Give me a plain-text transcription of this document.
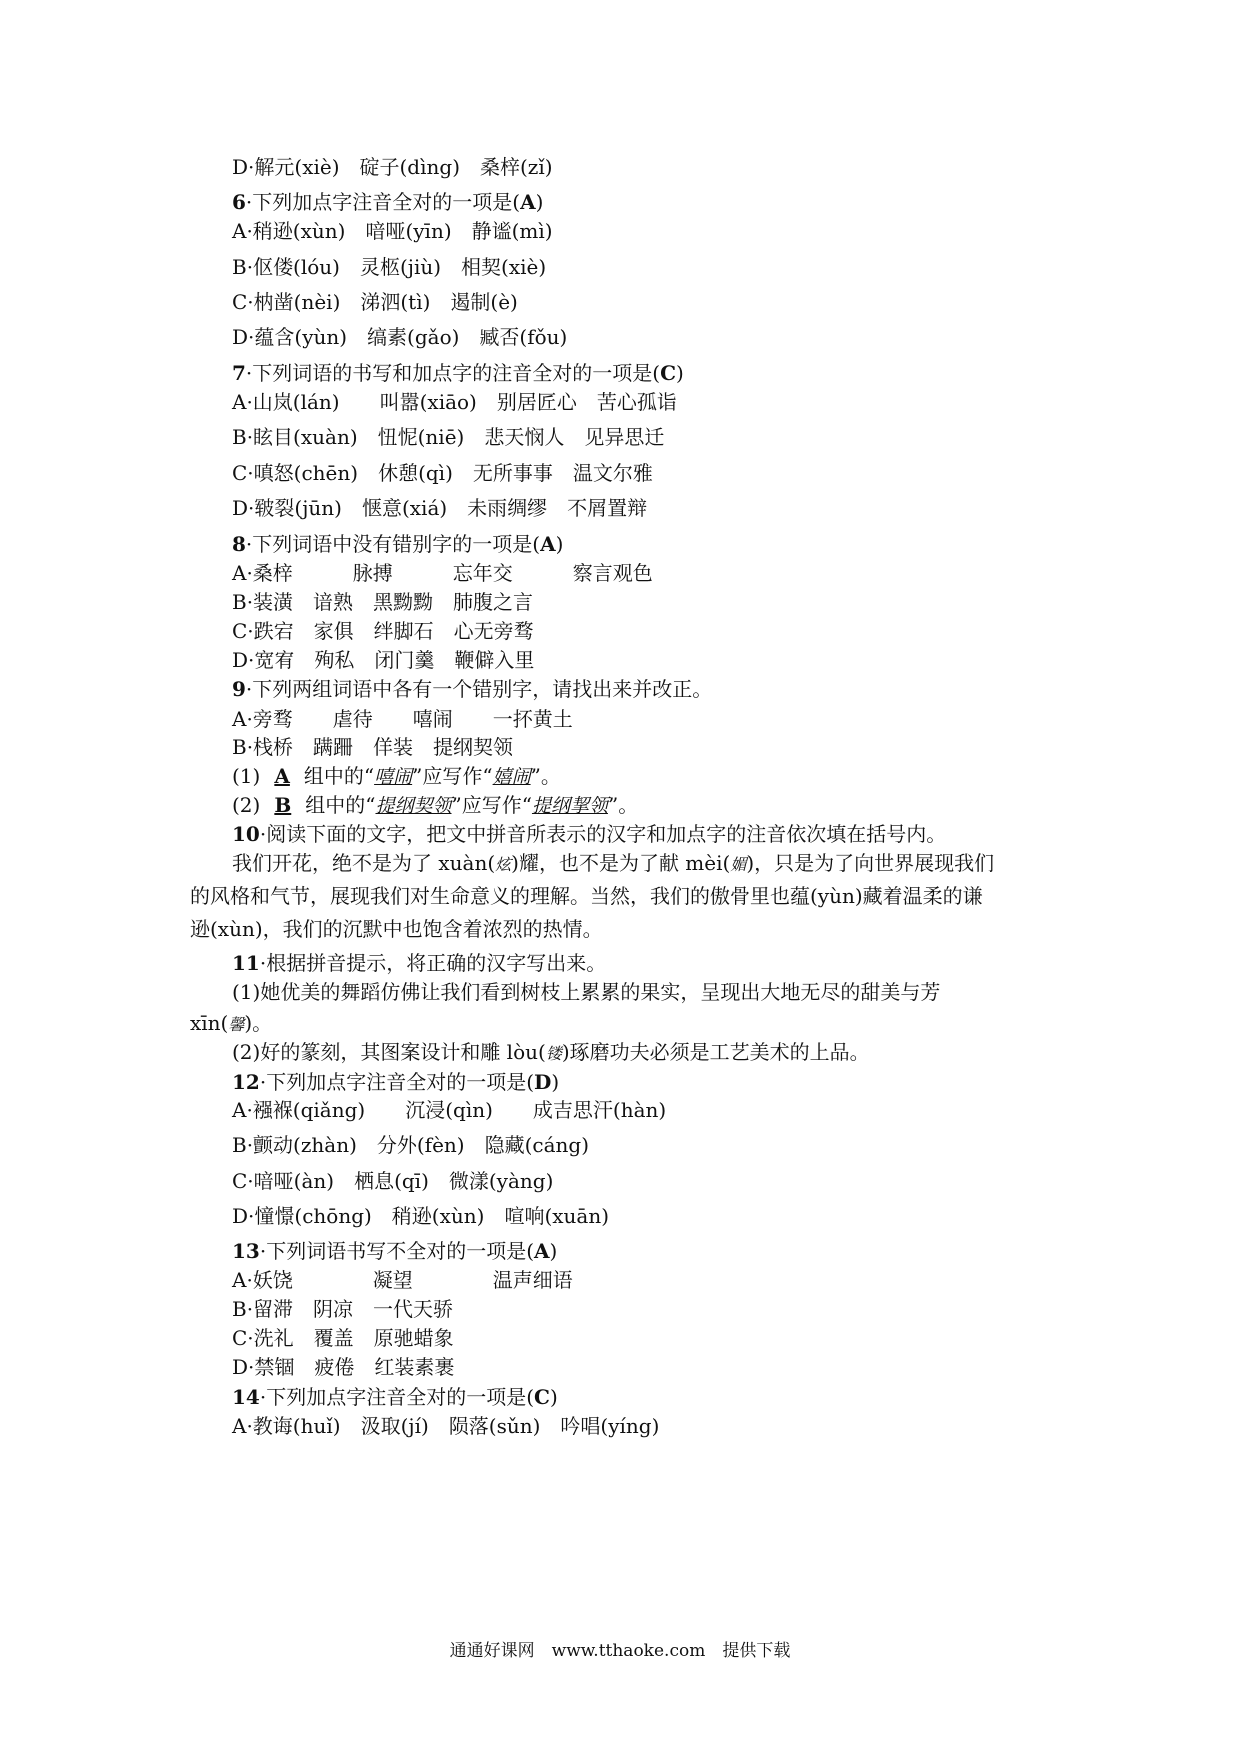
D·解元(xiè)　碇子(dìng)　桑梓(zǐ)
6·下列加点字注音全对的一项是(A)
A·稍逊(xùn)　喑哑(yīn)　静谧(mì)
B·伛偻(lóu)　灵柩(jiù)　相契(xiè)
C·枘凿(nèi)　涕泗(tì)　遏制(è)
D·蕴含(yùn)　缟素(gǎo)　臧否(fǒu)
7·下列词语的书写和加点字的注音全对的一项是(C)
A·山岚(lán)　　叫嚣(xiāo)　别居匠心　苦心孤诣
B·眩目(xuàn)　忸怩(niē)　悲天悯人　见异思迁
C·嗔怒(chēn)　休憩(qì)　无所事事　温文尔雅
D·皲裂(jūn)　惬意(xiá)　未雨绸缪　不屑置辩
8·下列词语中没有错别字的一项是(A)
A·桑梓　　　脉搏　　　忘年交　　　察言观色
B·装潢　谙熟　黑黝黝　肺腹之言
C·跌宕　家俱　绊脚石　心无旁骛
D·宽宥　殉私　闭门羹　鞭僻入里
9·下列两组词语中各有一个错别字，请找出来并改正。
A·旁骛　　虐待　　嘻闹　　一抔黄土
B·栈桥　蹒跚　佯装　提纲契领
(1) A 组中的“嘻闹”应写作“嬉闹”。
(2) B 组中的“提纲契领”应写作“提纲挈领”。
10·阅读下面的文字，把文中拼音所表示的汉字和加点字的注音依次填在括号内。
我们开花，绝不是为了 xuàn(炫)耀，也不是为了献 mèi(媚)，只是为了向世界展现我们
的风格和气节，展现我们对生命意义的理解。当然，我们的傲骨里也蕴(yùn)藏着温柔的谦
逊(xùn)，我们的沉默中也饱含着浓烈的热情。
11·根据拼音提示，将正确的汉字写出来。
(1)她优美的舞蹈仿佛让我们看到树枝上累累的果实，呈现出大地无尽的甜美与芳
xīn(馨)。
(2)好的篆刻，其图案设计和雕 lòu(镂)琢磨功夫必须是工艺美术的上品。
12·下列加点字注音全对的一项是(D)
A·襁褓(qiǎng)　　沉浸(qìn)　　成吉思汗(hàn)
B·颤动(zhàn)　分外(fèn)　隐藏(cáng)
C·喑哑(àn)　栖息(qī)　微漾(yàng)
D·憧憬(chōng)　稍逊(xùn)　喧响(xuān)
13·下列词语书写不全对的一项是(A)
A·妖饶　　　　凝望　　　　温声细语
B·留滞　阴凉　一代天骄
C·洗礼　覆盖　原驰蜡象
D·禁锢　疲倦　红装素裹
14·下列加点字注音全对的一项是(C)
A·教诲(huǐ)　汲取(jí)　陨落(sǔn)　吟唱(yíng)
通通好课网　www.tthaoke.com　提供下载
